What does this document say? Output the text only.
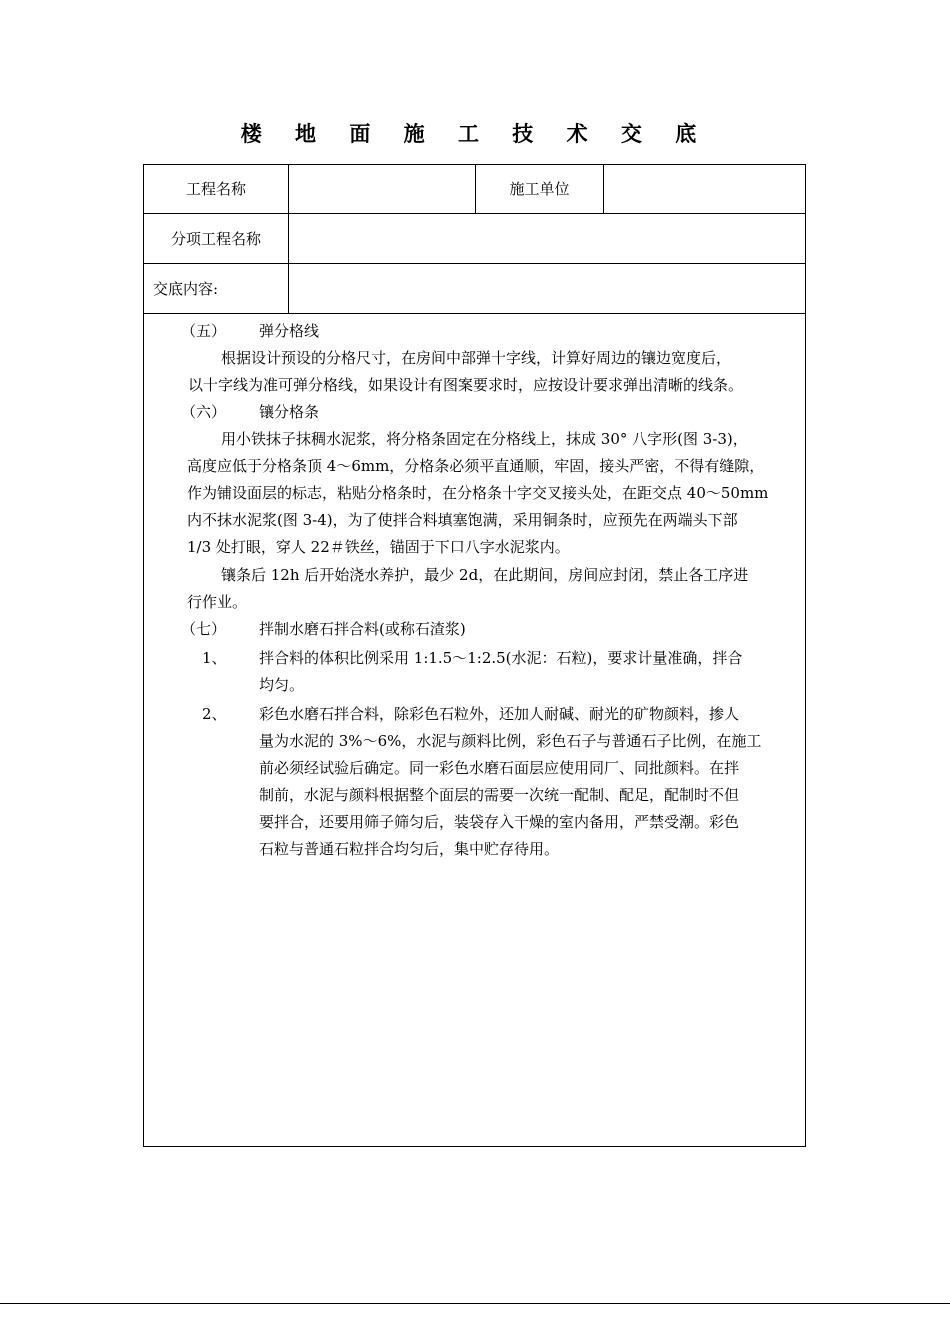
楼 地 面 施 工 技 术 交 底
工程名称	施工单位
分项工程名称
交底内容:
（五） 弹分格线
根据设计预设的分格尺寸，在房间中部弹十字线，计算好周边的镶边宽度后，
以十字线为准可弹分格线，如果设计有图案要求时，应按设计要求弹出清晰的线条。
（六） 镶分格条
用小铁抹子抹稠水泥浆，将分格条固定在分格线上，抹成 30° 八字形(图 3-3)，
高度应低于分格条顶 4～6mm，分格条必须平直通顺，牢固，接头严密，不得有缝隙，
作为铺设面层的标志，粘贴分格条时，在分格条十字交叉接头处，在距交点 40～50mm
内不抹水泥浆(图 3-4)，为了使拌合料填塞饱满，采用铜条时，应预先在两端头下部
1/3 处打眼，穿人 22＃铁丝，锚固于下口八字水泥浆内。
镶条后 12h 后开始浇水养护，最少 2d，在此期间，房间应封闭，禁止各工序进
行作业。
（七） 拌制水磨石拌合料(或称石渣浆)
1、 拌合料的体积比例采用 1:1.5～1:2.5(水泥：石粒)，要求计量准确，拌合
均匀。
2、 彩色水磨石拌合料，除彩色石粒外，还加人耐碱、耐光的矿物颜料，掺人
量为水泥的 3%～6%，水泥与颜料比例，彩色石子与普通石子比例，在施工
前必须经试验后确定。同一彩色水磨石面层应使用同厂、同批颜料。在拌
制前，水泥与颜料根据整个面层的需要一次统一配制、配足，配制时不但
要拌合，还要用筛子筛匀后，装袋存入干燥的室内备用，严禁受潮。彩色
石粒与普通石粒拌合均匀后，集中贮存待用。
